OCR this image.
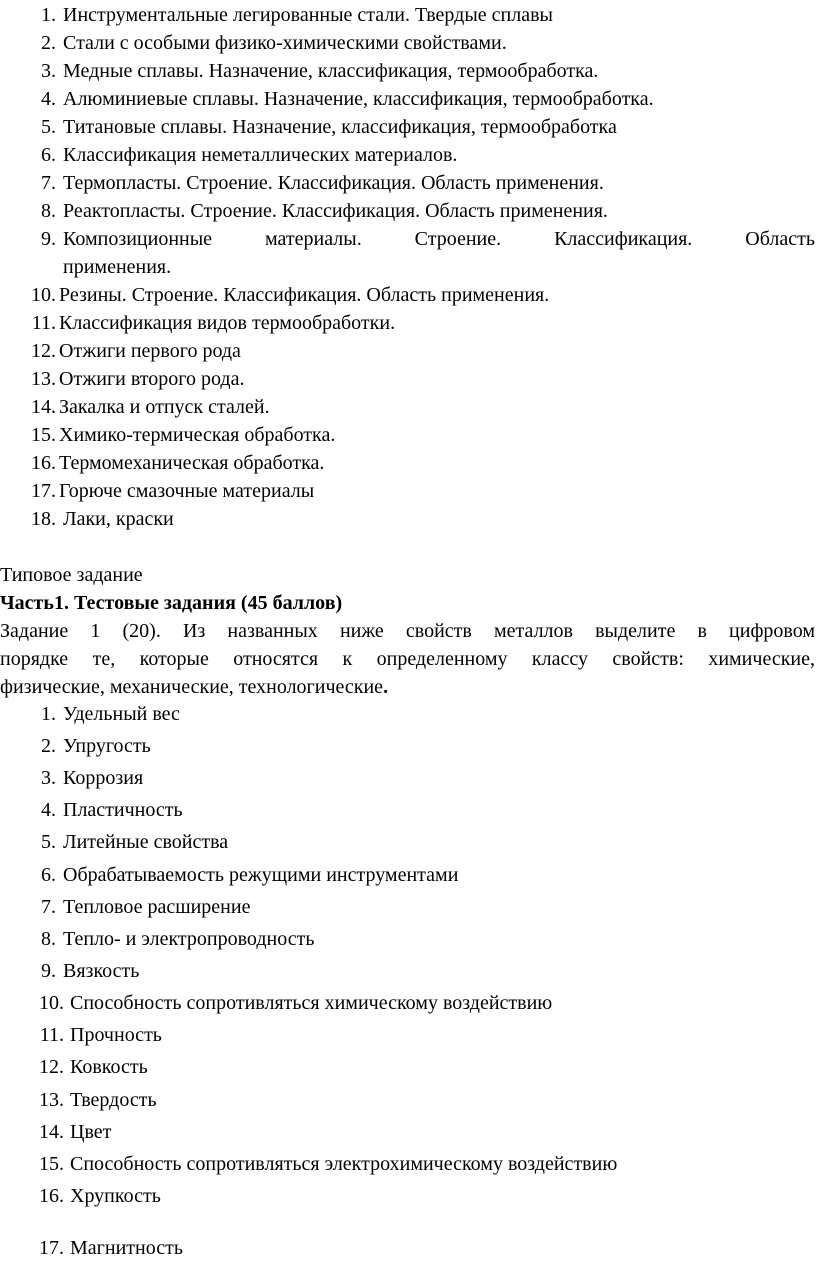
1. Инструментальные легированные стали. Твердые сплавы
2. Стали с особыми физико-химическими свойствами.
3. Медные сплавы. Назначение, классификация, термообработка.
4. Алюминиевые сплавы. Назначение, классификация, термообработка.
5. Титановые сплавы. Назначение, классификация, термообработка
6. Классификация неметаллических материалов.
7. Термопласты. Строение. Классификация. Область применения.
8. Реактопласты. Строение. Классификация. Область применения.
9. Композиционные материалы. Строение. Классификация. Область
применения.
10. Резины. Строение. Классификация. Область применения.
11. Классификация видов термообработки.
12. Отжиги первого рода
13. Отжиги второго рода.
14. Закалка и отпуск сталей.
15. Химико-термическая обработка.
16. Термомеханическая обработка.
17. Горюче смазочные материалы
18. Лаки, краски
Типовое задание
Часть1. Тестовые задания (45 баллов)
Задание 1 (20). Из названных ниже свойств металлов выделите в цифровом
порядке те, которые относятся к определенному классу свойств: химические,
физические, механические, технологические.
1. Удельный вес
2. Упругость
3. Коррозия
4. Пластичность
5. Литейные свойства
6. Обрабатываемость режущими инструментами
7. Тепловое расширение
8. Тепло- и электропроводность
9. Вязкость
10. Способность сопротивляться химическому воздействию
11. Прочность
12. Ковкость
13. Твердость
14. Цвет
15. Способность сопротивляться электрохимическому воздействию
16. Хрупкость
17. Магнитность
